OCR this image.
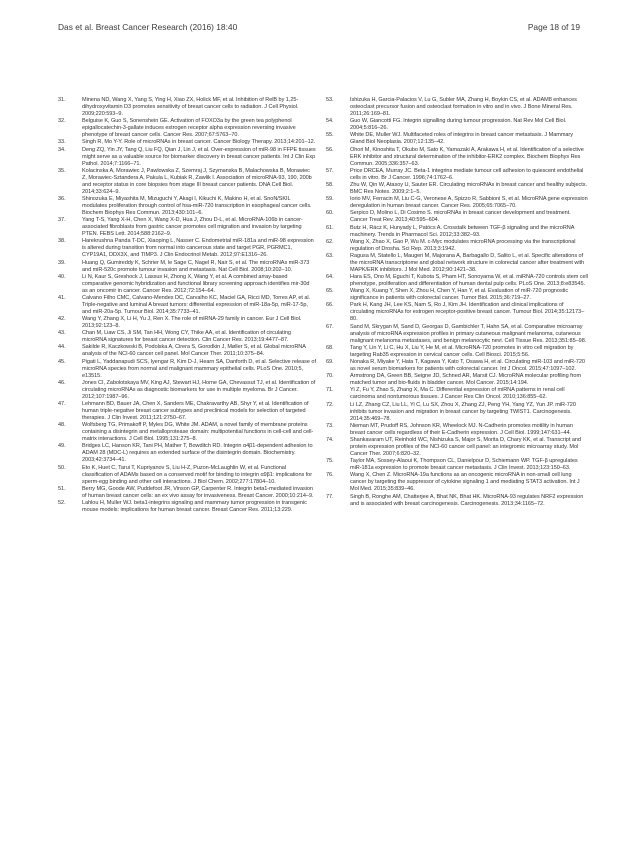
Das et al. Breast Cancer Research (2016) 18:40	Page 18 of 19
31.	Minena ND, Wang X, Yang S, Ying H, Xiao ZX, Holick MF, et al. Inhibition of RelB by 1,25-dihydroxyvitamin D3 promotes sensitivity of breast cancer cells to radiation. J Cell Physiol. 2009;220:593–9.
32.	Belguise K, Guo S, Sonenshein GE. Activation of FOXO3a by the green tea polyphenol epigallocatechin-3-gallate induces estrogen receptor alpha expression reversing invasive phenotype of breast cancer cells. Cancer Res. 2007;67:5763–70.
33.	Singh R, Mo Y-Y. Role of microRNAs in breast cancer. Cancer Biology Therapy. 2013;14:201–12.
34.	Deng ZQ, Yin JY, Tang Q, Liu FQ, Qian J, Lin J, et al. Over-expression of miR-98 in FFPE tissues might serve as a valuable source for biomarker discovery in breast cancer patients. Int J Clin Exp Pathol. 2014;7:1166–71.
35.	Kolacinska A, Morawiec J, Pawlowska Z, Szemraj J, Szymanska B, Malachowska B, Morawiec Z, Morawiec-Sztandera A, Pakula L, Kubiak R, Zawlik I. Association of microRNA-93, 190, 200b and receptor status in core biopsies from stage III breast cancer patients. DNA Cell Biol. 2014;33:624–9.
36.	Shinozuka E, Miyashita M, Mizuguchi Y, Akagi I, Kikuchi K, Makino H, et al. SnoN/SKIL modulates proliferation through control of hsa-miR-720 transcription in esophageal cancer cells. Biochem Biophys Res Commun. 2013;430:101–6.
37.	Yang T-S, Yang X-H, Chen X, Wang X-D, Hua J, Zhou D-L, et al. MicroRNA-106b in cancer-associated fibroblasts from gastric cancer promotes cell migration and invasion by targeting PTEN. FEBS Lett. 2014;588:2162–9.
38.	Harekrushna Panda T-DC, Xiaoping L, Nasser C. Endometrial miR-181a and miR-98 expression is altered during transition from normal into cancerous state and target PGR, PGRMC1, CYP19A1, DDX3X, and TIMP3. J Clin Endocrinol Metab. 2012;97:E1316–26.
39.	Huang Q, Gumireddy K, Schrier M, le Sage C, Nagel R, Nair S, et al. The microRNAs miR-373 and miR-520c promote tumour invasion and metastasis. Nat Cell Biol. 2008;10:202–10.
40.	Li N, Kaur S, Greshock J, Lassus H, Zhong X, Wang Y, et al. A combined array-based comparative genomic hybridization and functional library screening approach identifies mir-30d as an oncomir in cancer. Cancer Res. 2012;72:154–64.
41.	Calvano Filho CMC, Calvano-Mendes DC, Carvalho KC, Maciel GA, Ricci MD, Torres AP, et al. Triple-negative and luminal A breast tumors: differential expression of miR-18a-5p, miR-17-5p, and miR-20a-5p. Tumour Biol. 2014;35:7733–41.
42.	Wang Y, Zhang X, Li H, Yu J, Ren X. The role of miRNA-29 family in cancer. Eur J Cell Biol. 2013;92:123–8.
43.	Chan M, Liaw CS, Ji SM, Tan HH, Wong CY, Thike AA, et al. Identification of circulating microRNA signatures for breast cancer detection. Clin Cancer Res. 2013;19:4477–87.
44.	Sakilde R, Kaczkowski B, Podolska A, Cirera S, Gorodkin J, Møller S, et al. Global microRNA analysis of the NCI-60 cancer cell panel. Mol Cancer Ther. 2011;10:375–84.
45.	Pigati L, Yaddanapudi SCS, Iyengar R, Kim D-J, Hearn SA, Danforth D, et al. Selective release of microRNA species from normal and malignant mammary epithelial cells. PLoS One. 2010;5, e13515.
46.	Jones CI, Zabolotskaya MV, King AJ, Stewart HJ, Horne GA, Chevassut TJ, et al. Identification of circulating microRNAs as diagnostic biomarkers for use in multiple myeloma. Br J Cancer. 2012;107:1987–96.
47.	Lehmann BD, Bauer JA, Chen X, Sanders ME, Chakravarthy AB, Shyr Y, et al. Identification of human triple-negative breast cancer subtypes and preclinical models for selection of targeted therapies. J Clin Invest. 2011;121:2750–67.
48.	Wolfsberg TG, Primakoff P, Myles DG, White JM. ADAM, a novel family of membrane proteins containing a disintegrin and metalloprotease domain: multipotential functions in cell-cell and cell-matrix interactions. J Cell Biol. 1995;131:275–8.
49.	Bridges LC, Hanson KR, Tani PH, Mather T, Bowditch RD. Integrin α4β1-dependent adhesion to ADAM 28 (MDC-L) requires an extended surface of the disintegrin domain. Biochemistry. 2003;42:3734–41.
50.	Eto K, Huet C, Tarui T, Kupriyanov S, Liu H-Z, Puzon-McLaughlin W, et al. Functional classification of ADAMs based on a conserved motif for binding to integrin α9β1: implications for sperm-egg binding and other cell interactions. J Biol Chem. 2002;277:17804–10.
51.	Berry MG, Goode AW, Puddefoot JR, Vinson GP, Carpenter R. Integrin beta1-mediated invasion of human breast cancer cells: an ex vivo assay for invasiveness. Breast Cancer. 2000;10:214–9.
52.	Lahlou H, Muller WJ. beta1-integrins signaling and mammary tumor progression in transgenic mouse models: implications for human breast cancer. Breast Cancer Res. 2011;13:229.
53.	Ishizuka H, Garcia-Palacios V, Lu G, Subler MA, Zhang H, Boykin CS, et al. ADAM8 enhances osteoclast precursor fusion and osteoclast formation in vitro and in vivo. J Bone Mineral Res. 2011;26:169–81.
54.	Guo W, Giancotti FG. Integrin signalling during tumour progression. Nat Rev Mol Cell Biol. 2004;5:816–26.
55.	White DE, Muller WJ. Multifaceted roles of integrins in breast cancer metastasis. J Mammary Gland Biol Neoplasia. 2007;12:135–42.
56.	Ohori M, Kinoshita T, Okubo M, Sato K, Yamazaki A, Arakawa H, et al. Identification of a selective ERK inhibitor and structural determination of the inhibitor-ERK2 complex. Biochem Biophys Res Commun. 2005;336:357–63.
57.	Price DRCEA, Murray JC. Beta-1 integrins mediate tumour cell adhesion to quiescent endothelial cells in vitro. Br J Cancer. 1996;74:1762–6.
58.	Zhu W, Qin W, Atasoy U, Sauter ER. Circulating microRNAs in breast cancer and healthy subjects. BMC Res Notes. 2009;2:1–5.
59.	Iorio MV, Ferracin M, Liu C-G, Veronese A, Spizzo R, Sabbioni S, et al. MicroRNA gene expression deregulation in human breast cancer. Cancer Res. 2005;65:7065–70.
60.	Serpico D, Molino L, Di Cosimo S. microRNAs in breast cancer development and treatment. Cancer Treat Rev. 2013;40:595–604.
61.	Butz H, Rácz K, Hunyady L, Patócs A. Crosstalk between TGF-β signaling and the microRNA machinery. Trends in Pharmacol Sci. 2012;33:382–93.
62.	Wang X, Zhao X, Gao P, Wu M. c-Myc modulates microRNA processing via the transcriptional regulation of Drosha. Sci Rep. 2013;3:1942.
63.	Ragusa M, Statello L, Maugeri M, Majorana A, Barbagallo D, Salito L, et al. Specific alterations of the microRNA transcriptome and global network structure in colorectal cancer after treatment with MAPK/ERK inhibitors. J Mol Med. 2012;90:1421–38.
64.	Hara ES, Ono M, Eguchi T, Kubota S, Pham HT, Sonoyama W, et al. miRNA-720 controls stem cell phenotype, proliferation and differentiation of human dental pulp cells. PLoS One. 2013;8:e83545.
65.	Wang X, Kuang Y, Shen X, Zhou H, Chen Y, Han Y, et al. Evaluation of miR-720 prognostic significance in patients with colorectal cancer. Tumor Biol. 2015;36:719–27.
66.	Park H, Kang JH, Lee KS, Nam S, Ro J, Kim JH. Identification and clinical implications of circulating microRNAs for estrogen receptor-positive breast cancer. Tumour Biol. 2014;35:12173–80.
67.	Sand M, Skrygan M, Sand D, Georgas D, Gambichler T, Hahn SA, et al. Comparative microarray analysis of microRNA expression profiles in primary cutaneous malignant melanoma, cutaneous malignant melanoma metastases, and benign melanocytic nevi. Cell Tissue Res. 2013;351:85–98.
68.	Tang Y, Lin Y, Li C, Hu X, Liu Y, He M, et al. MicroRNA-720 promotes in vitro cell migration by targeting Rab35 expression in cervical cancer cells. Cell Biosci. 2015;5:56.
69.	Nonaka R, Miyake Y, Hata T, Kagawa Y, Kato T, Osawa H, et al. Circulating miR-103 and miR-720 as novel serum biomarkers for patients with colorectal cancer. Int J Oncol. 2015;47:1097–102.
70.	Armstrong DA, Green BB, Seigne JD, Schned AR, Marsit CJ. MicroRNA molecular profiling from matched tumor and bio-fluids in bladder cancer. Mol Cancer. 2015;14:194.
71.	Yi Z, Fu Y, Zhao S, Zhang X, Ma C. Differential expression of miRNA patterns in renal cell carcinoma and nontumorous tissues. J Cancer Res Clin Oncol. 2010;136:855–62.
72.	Li LZ, Zhang CZ, Liu LL, Yi C, Lu SX, Zhou X, Zhang ZJ, Peng YH, Yang YZ, Yun JP. miR-720 inhibits tumor invasion and migration in breast cancer by targeting TWIST1. Carcinogenesis. 2014;35:469–78.
73.	Nieman MT, Prudoff RS, Johnson KR, Wheelock MJ. N-Cadherin promotes motility in human breast cancer cells regardless of their E-Cadherin expression. J Cell Biol. 1999;147:631–44.
74.	Shankavaram UT, Reinhold WC, Nishizuka S, Major S, Morita D, Chary KK, et al. Transcript and protein expression profiles of the NCI-60 cancer cell panel: an integromic microarray study. Mol Cancer Ther. 2007;6:820–32.
75.	Taylor MA, Sossey-Alaoui K, Thompson CL, Danielpour D, Schiemann WP. TGF-β upregulates miR-181a expression to promote breast cancer metastasis. J Clin Invest. 2013;123:150–63.
76.	Wang X, Chen Z. MicroRNA-19a functions as an oncogenic microRNA in non-small cell lung cancer by targeting the suppressor of cytokine signaling 1 and mediating STAT3 activation. Int J Mol Med. 2015;35:839–46.
77.	Singh B, Ronghe AM, Chatterjee A, Bhat NK, Bhat HK. MicroRNA-93 regulates NRF2 expression and is associated with breast carcinogenesis. Carcinogenesis. 2013;34:1165–72.
